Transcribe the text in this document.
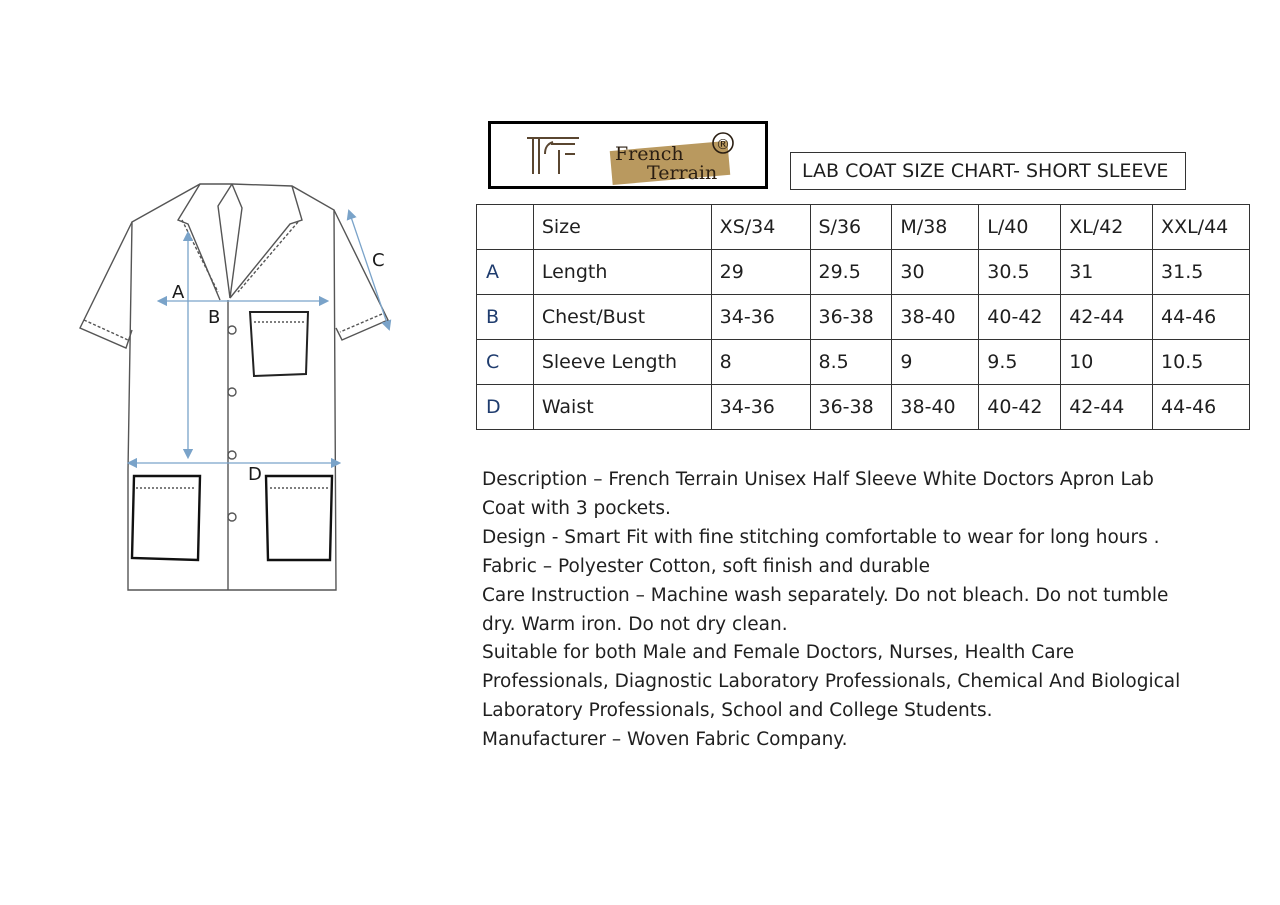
A
B
C
D
TF
French
Terrain
®
LAB COAT SIZE CHART- SHORT SLEEVE
	Size	XS/34	S/36	M/38	L/40	XL/42	XXL/44
A	Length	29	29.5	30	30.5	31	31.5
B	Chest/Bust	34-36	36-38	38-40	40-42	42-44	44-46
C	Sleeve Length	8	8.5	9	9.5	10	10.5
D	Waist	34-36	36-38	38-40	40-42	42-44	44-46

Description – French Terrain Unisex Half Sleeve White Doctors Apron Lab

Coat with 3 pockets.

Design - Smart Fit with fine stitching comfortable to wear for long hours .

Fabric – Polyester Cotton, soft finish and durable

Care Instruction – Machine wash separately. Do not bleach. Do not tumble

dry. Warm iron. Do not dry clean.

Suitable for both Male and Female Doctors, Nurses, Health Care

Professionals, Diagnostic Laboratory Professionals, Chemical And Biological

Laboratory Professionals, School and College Students.

Manufacturer – Woven Fabric Company.
